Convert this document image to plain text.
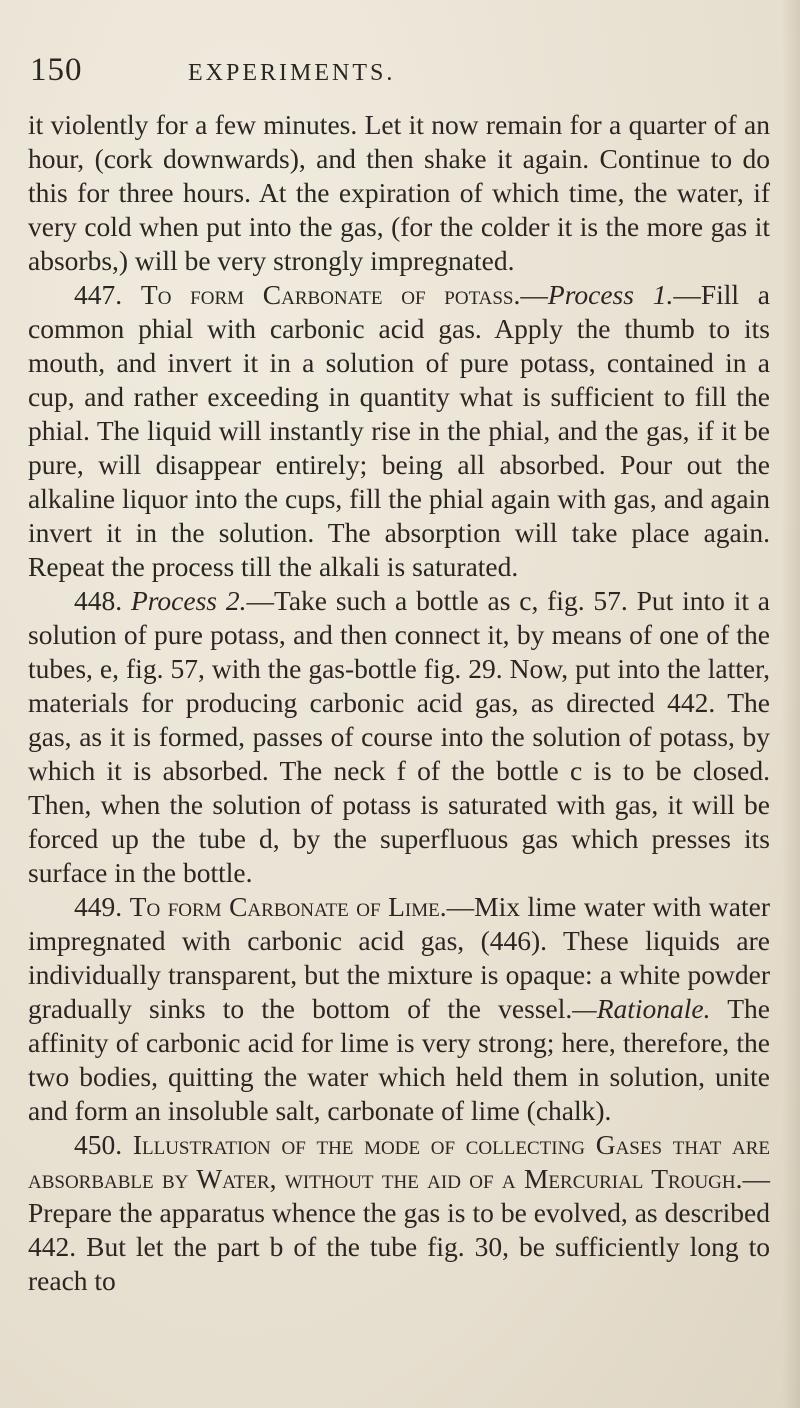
150	EXPERIMENTS.

it violently for a few minutes. Let it now remain for a quarter of an hour, (cork downwards), and then shake it again. Continue to do this for three hours. At the expiration of which time, the water, if very cold when put into the gas, (for the colder it is the more gas it absorbs,) will be very strongly impregnated.

447. To form Carbonate of potass.—Process 1.—Fill a common phial with carbonic acid gas. Apply the thumb to its mouth, and invert it in a solution of pure potass, contained in a cup, and rather exceeding in quantity what is sufficient to fill the phial. The liquid will instantly rise in the phial, and the gas, if it be pure, will disappear entirely; being all absorbed. Pour out the alkaline liquor into the cups, fill the phial again with gas, and again invert it in the solution. The absorption will take place again. Repeat the process till the alkali is saturated.

448. Process 2.—Take such a bottle as c, fig. 57. Put into it a solution of pure potass, and then connect it, by means of one of the tubes, e, fig. 57, with the gas-bottle fig. 29. Now, put into the latter, materials for producing carbonic acid gas, as directed 442. The gas, as it is formed, passes of course into the solution of potass, by which it is absorbed. The neck f of the bottle c is to be closed. Then, when the solution of potass is saturated with gas, it will be forced up the tube d, by the superfluous gas which presses its surface in the bottle.

449. To form Carbonate of Lime.—Mix lime water with water impregnated with carbonic acid gas, (446). These liquids are individually transparent, but the mixture is opaque: a white powder gradually sinks to the bottom of the vessel.—Rationale. The affinity of carbonic acid for lime is very strong; here, therefore, the two bodies, quitting the water which held them in solution, unite and form an insoluble salt, carbonate of lime (chalk).

450. Illustration of the mode of collecting Gases that are absorbable by Water, without the aid of a Mercurial Trough.—Prepare the apparatus whence the gas is to be evolved, as described 442. But let the part b of the tube fig. 30, be sufficiently long to reach to
